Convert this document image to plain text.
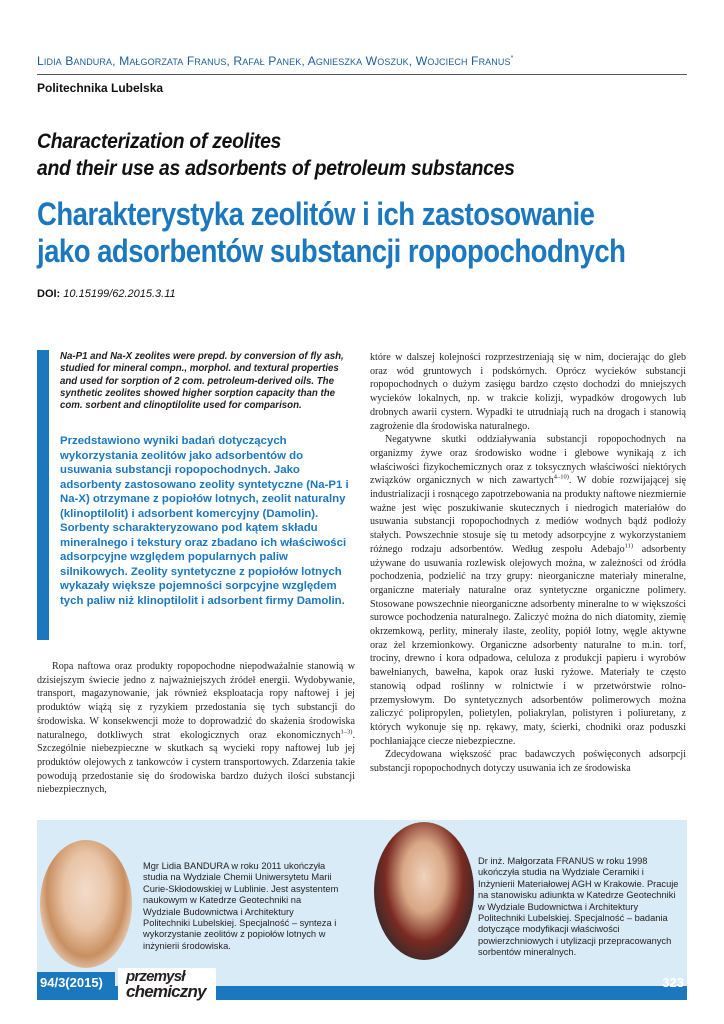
Lidia Bandura, Małgorzata Franus, Rafał Panek, Agnieszka Woszuk, Wojciech Franus*
Politechnika Lubelska
Characterization of zeolites
and their use as adsorbents of petroleum substances
Charakterystyka zeolitów i ich zastosowanie
jako adsorbentów substancji ropopochodnych
DOI: 10.15199/62.2015.3.11
Na-P1 and Na-X zeolites were prepd. by conversion of fly ash, studied for mineral compn., morphol. and textural properties and used for sorption of 2 com. petroleum-derived oils. The synthetic zeolites showed higher sorption capacity than the com. sorbent and clinoptilolite used for comparison.
Przedstawiono wyniki badań dotyczących wykorzystania zeolitów jako adsorbentów do usuwania substancji ropopochodnych. Jako adsorbenty zastosowano zeolity syntetyczne (Na-P1 i Na-X) otrzymane z popiołów lotnych, zeolit naturalny (klinoptilolit) i adsorbent komercyjny (Damolin). Sorbenty scharakteryzowano pod kątem składu mineralnego i tekstury oraz zbadano ich właściwości adsorpcyjne względem popularnych paliw silnikowych. Zeolity syntetyczne z popiołów lotnych wykazały większe pojemności sorpcyjne względem tych paliw niż klinoptilolit i adsorbent firmy Damolin.

Ropa naftowa oraz produkty ropopochodne niepodważalnie stanowią w dzisiejszym świecie jedno z najważniejszych źródeł energii. Wydobywanie, transport, magazynowanie, jak również eksploatacja ropy naftowej i jej produktów wiążą się z ryzykiem przedostania się tych substancji do środowiska. W konsekwencji może to doprowadzić do skażenia środowiska naturalnego, dotkliwych strat ekologicznych oraz ekonomicznych$^{1-3)}$. Szczególnie niebezpieczne w skutkach są wycieki ropy naftowej lub jej produktów olejowych z tankowców i cystern transportowych. Zdarzenia takie powodują przedostanie się do środowiska bardzo dużych ilości substancji niebezpiecznych,

które w dalszej kolejności rozprzestrzeniają się w nim, docierając do gleb oraz wód gruntowych i podskórnych. Oprócz wycieków substancji ropopochodnych o dużym zasięgu bardzo często dochodzi do mniejszych wycieków lokalnych, np. w trakcie kolizji, wypadków drogowych lub drobnych awarii cystern. Wypadki te utrudniają ruch na drogach i stanowią zagrożenie dla środowiska naturalnego.

Negatywne skutki oddziaływania substancji ropopochodnych na organizmy żywe oraz środowisko wodne i glebowe wynikają z ich właściwości fizykochemicznych oraz z toksycznych właściwości niektórych związków organicznych w nich zawartych$^{4-10)}$. W dobie rozwijającej się industrializacji i rosnącego zapotrzebowania na produkty naftowe niezmiernie ważne jest więc poszukiwanie skutecznych i niedrogich materiałów do usuwania substancji ropopochodnych z mediów wodnych bądź podłoży stałych. Powszechnie stosuje się tu metody adsorpcyjne z wykorzystaniem różnego rodzaju adsorbentów. Według zespołu Adebajo$^{11)}$ adsorbenty używane do usuwania rozlewisk olejowych można, w zależności od źródła pochodzenia, podzielić na trzy grupy: nieorganiczne materiały mineralne, organiczne materiały naturalne oraz syntetyczne organiczne polimery. Stosowane powszechnie nieorganiczne adsorbenty mineralne to w większości surowce pochodzenia naturalnego. Zaliczyć można do nich diatomity, ziemię okrzemkową, perlity, minerały ilaste, zeolity, popiół lotny, węgle aktywne oraz żel krzemionkowy. Organiczne adsorbenty naturalne to m.in. torf, trociny, drewno i kora odpadowa, celuloza z produkcji papieru i wyrobów bawełnianych, bawełna, kapok oraz łuski ryżowe. Materiały te często stanowią odpad roślinny w rolnictwie i w przetwórstwie rolno-przemysłowym. Do syntetycznych adsorbentów polimerowych można zaliczyć polipropylen, polietylen, poliakrylan, polistyren i poliuretany, z których wykonuje się np. rękawy, maty, ścierki, chodniki oraz poduszki pochłaniające ciecze niebezpieczne.

Zdecydowana większość prac badawczych poświęconych adsorpcji substancji ropopochodnych dotyczy usuwania ich ze środowiska

Mgr Lidia BANDURA w roku 2011 ukończyła studia na Wydziale Chemii Uniwersytetu Marii Curie-Skłodowskiej w Lublinie. Jest asystentem naukowym w Katedrze Geotechniki na Wydziale Budownictwa i Architektury Politechniki Lubelskiej. Specjalność – synteza i wykorzystanie zeolitów z popiołów lotnych w inżynierii środowiska.
Dr inż. Małgorzata FRANUS w roku 1998 ukończyła studia na Wydziale Ceramiki i Inżynierii Materiałowej AGH w Krakowie. Pracuje na stanowisku adiunkta w Katedrze Geotechniki w Wydziale Budownictwa i Architektury Politechniki Lubelskiej. Specjalność – badania dotyczące modyfikacji właściwości powierzchniowych i utylizacji przepracowanych sorbentów mineralnych.
94/3(2015)	przemysł
chemiczny	323
